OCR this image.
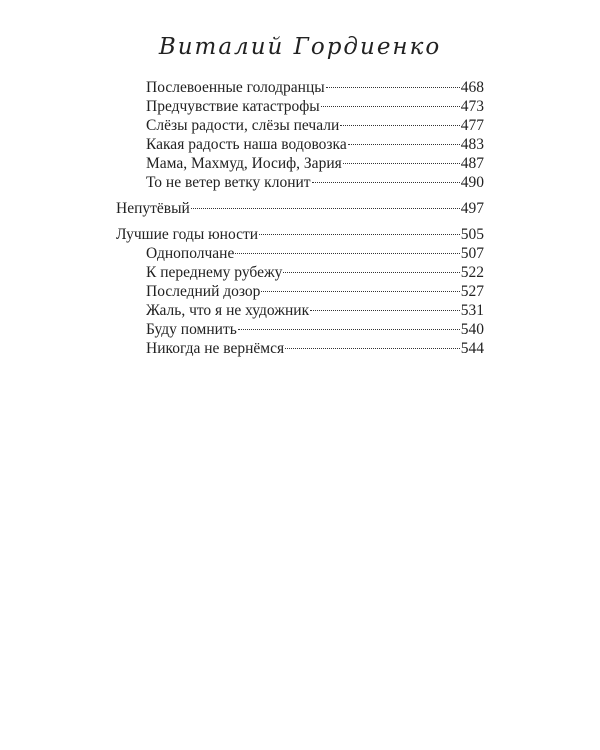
Виталий Гордиенко
Послевоенные голодранцы	468
Предчувствие катастрофы	473
Слёзы радости, слёзы печали	477
Какая радость наша водовозка	483
Мама, Махмуд, Иосиф, Зария	487
То не ветер ветку клонит	490
Непутёвый	497
Лучшие годы юности	505
Однополчане	507
К переднему рубежу	522
Последний дозор	527
Жаль, что я не художник	531
Буду помнить	540
Никогда не вернёмся	544
